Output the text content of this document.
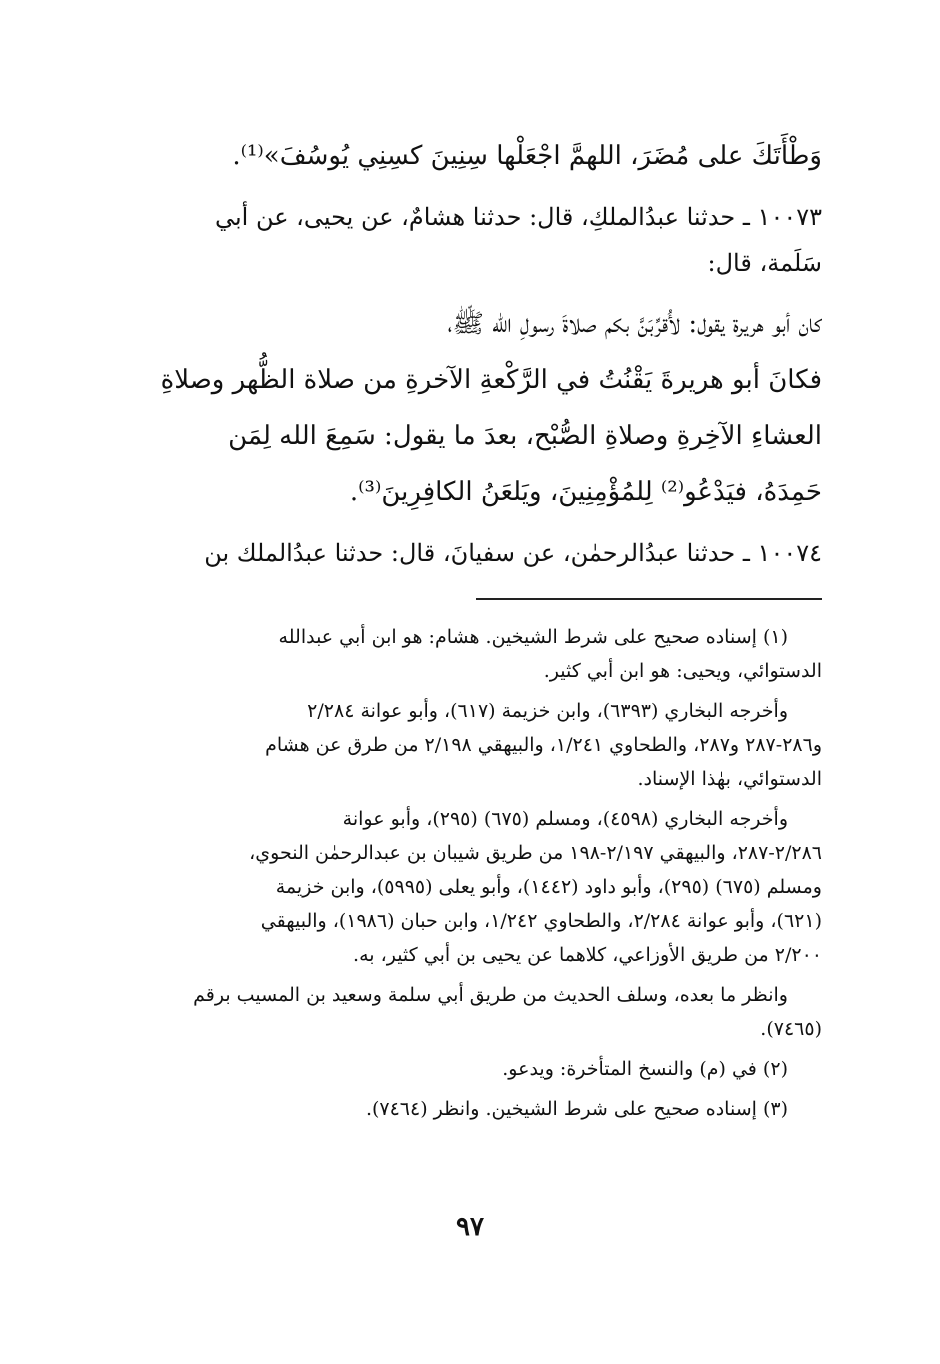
وَطْأَتَكَ على مُضَرَ، اللهمَّ اجْعَلْها سِنِينَ كسِنِي يُوسُفَ»⁽¹⁾.
١٠٠٧٣ ـ حدثنا عبدُالملكِ، قال: حدثنا هشامٌ، عن يحيى، عن أبي
سَلَمة، قال:
كان أبو هريرة يقول: لأُقرِّبَنَّ بكم صلاةَ رسولِ الله ﷺ،
فكانَ أبو هريرةَ يَقْنُتُ في الرَّكْعةِ الآخرةِ من صلاة الظُّهر وصلاةِ
العشاءِ الآخِرةِ وصلاةِ الصُّبْح، بعدَ ما يقول: سَمِعَ الله لِمَن
حَمِدَهُ، فيَدْعُو⁽²⁾ لِلمُؤْمِنِينَ، ويَلعَنُ الكافِرِينَ⁽³⁾.
١٠٠٧٤ ـ حدثنا عبدُالرحمٰن، عن سفيانَ، قال: حدثنا عبدُالملك بن
(١) إسناده صحيح على شرط الشيخين. هشام: هو ابن أبي عبدالله
الدستوائي، ويحيى: هو ابن أبي كثير.
وأخرجه البخاري (٦٣٩٣)، وابن خزيمة (٦١٧)، وأبو عوانة ٢/٢٨٤
و٢٨٦-٢٨٧ و٢٨٧، والطحاوي ١/٢٤١، والبيهقي ٢/١٩٨ من طرق عن هشام
الدستوائي، بهٰذا الإسناد.
وأخرجه البخاري (٤٥٩٨)، ومسلم (٦٧٥) (٢٩٥)، وأبو عوانة
٢/٢٨٦-٢٨٧، والبيهقي ٢/١٩٧-١٩٨ من طريق شيبان بن عبدالرحمٰن النحوي،
ومسلم (٦٧٥) (٢٩٥)، وأبو داود (١٤٤٢)، وأبو يعلى (٥٩٩٥)، وابن خزيمة
(٦٢١)، وأبو عوانة ٢/٢٨٤، والطحاوي ١/٢٤٢، وابن حبان (١٩٨٦)، والبيهقي
٢/٢٠٠ من طريق الأوزاعي، كلاهما عن يحيى بن أبي كثير، به.
وانظر ما بعده، وسلف الحديث من طريق أبي سلمة وسعيد بن المسيب برقم
(٧٤٦٥).
(٢) في (م) والنسخ المتأخرة: ويدعو.
(٣) إسناده صحيح على شرط الشيخين. وانظر (٧٤٦٤).
٩٧
